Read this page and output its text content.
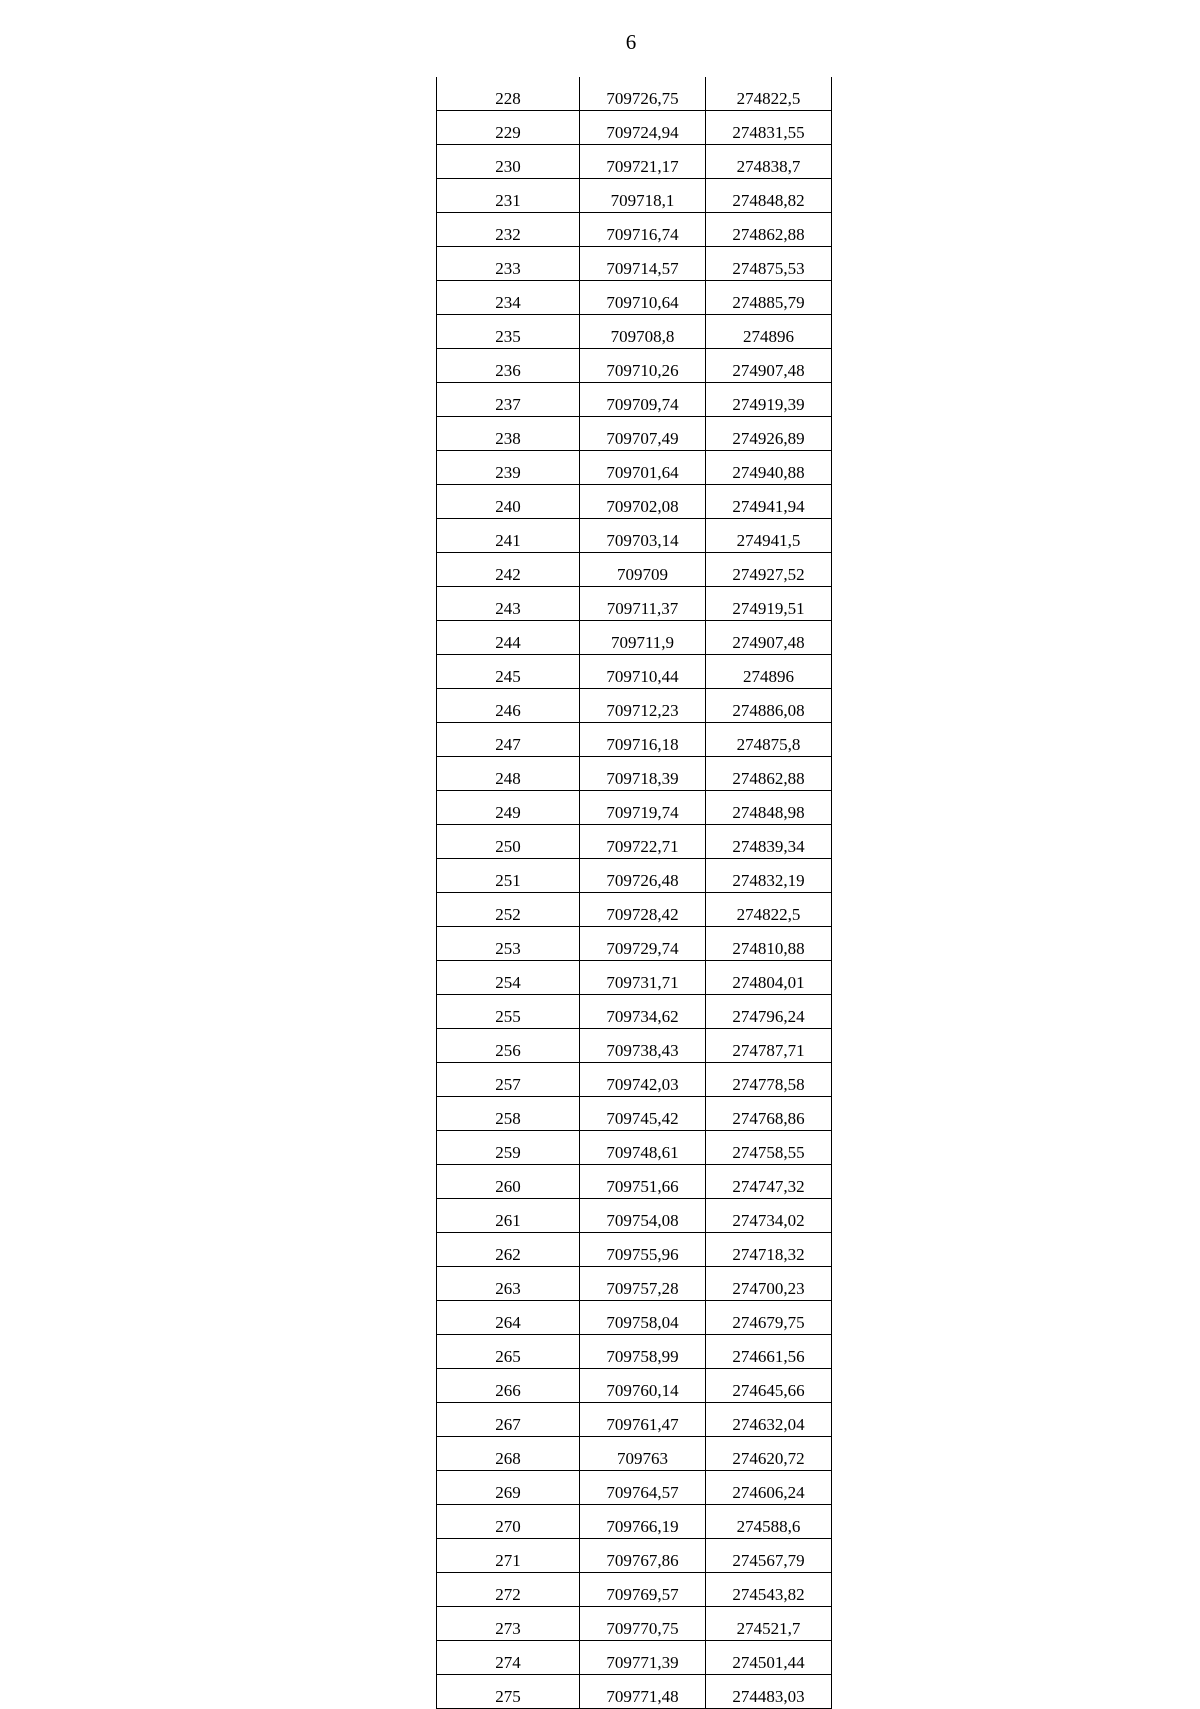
6
228	709726,75	274822,5
229	709724,94	274831,55
230	709721,17	274838,7
231	709718,1	274848,82
232	709716,74	274862,88
233	709714,57	274875,53
234	709710,64	274885,79
235	709708,8	274896
236	709710,26	274907,48
237	709709,74	274919,39
238	709707,49	274926,89
239	709701,64	274940,88
240	709702,08	274941,94
241	709703,14	274941,5
242	709709	274927,52
243	709711,37	274919,51
244	709711,9	274907,48
245	709710,44	274896
246	709712,23	274886,08
247	709716,18	274875,8
248	709718,39	274862,88
249	709719,74	274848,98
250	709722,71	274839,34
251	709726,48	274832,19
252	709728,42	274822,5
253	709729,74	274810,88
254	709731,71	274804,01
255	709734,62	274796,24
256	709738,43	274787,71
257	709742,03	274778,58
258	709745,42	274768,86
259	709748,61	274758,55
260	709751,66	274747,32
261	709754,08	274734,02
262	709755,96	274718,32
263	709757,28	274700,23
264	709758,04	274679,75
265	709758,99	274661,56
266	709760,14	274645,66
267	709761,47	274632,04
268	709763	274620,72
269	709764,57	274606,24
270	709766,19	274588,6
271	709767,86	274567,79
272	709769,57	274543,82
273	709770,75	274521,7
274	709771,39	274501,44
275	709771,48	274483,03
